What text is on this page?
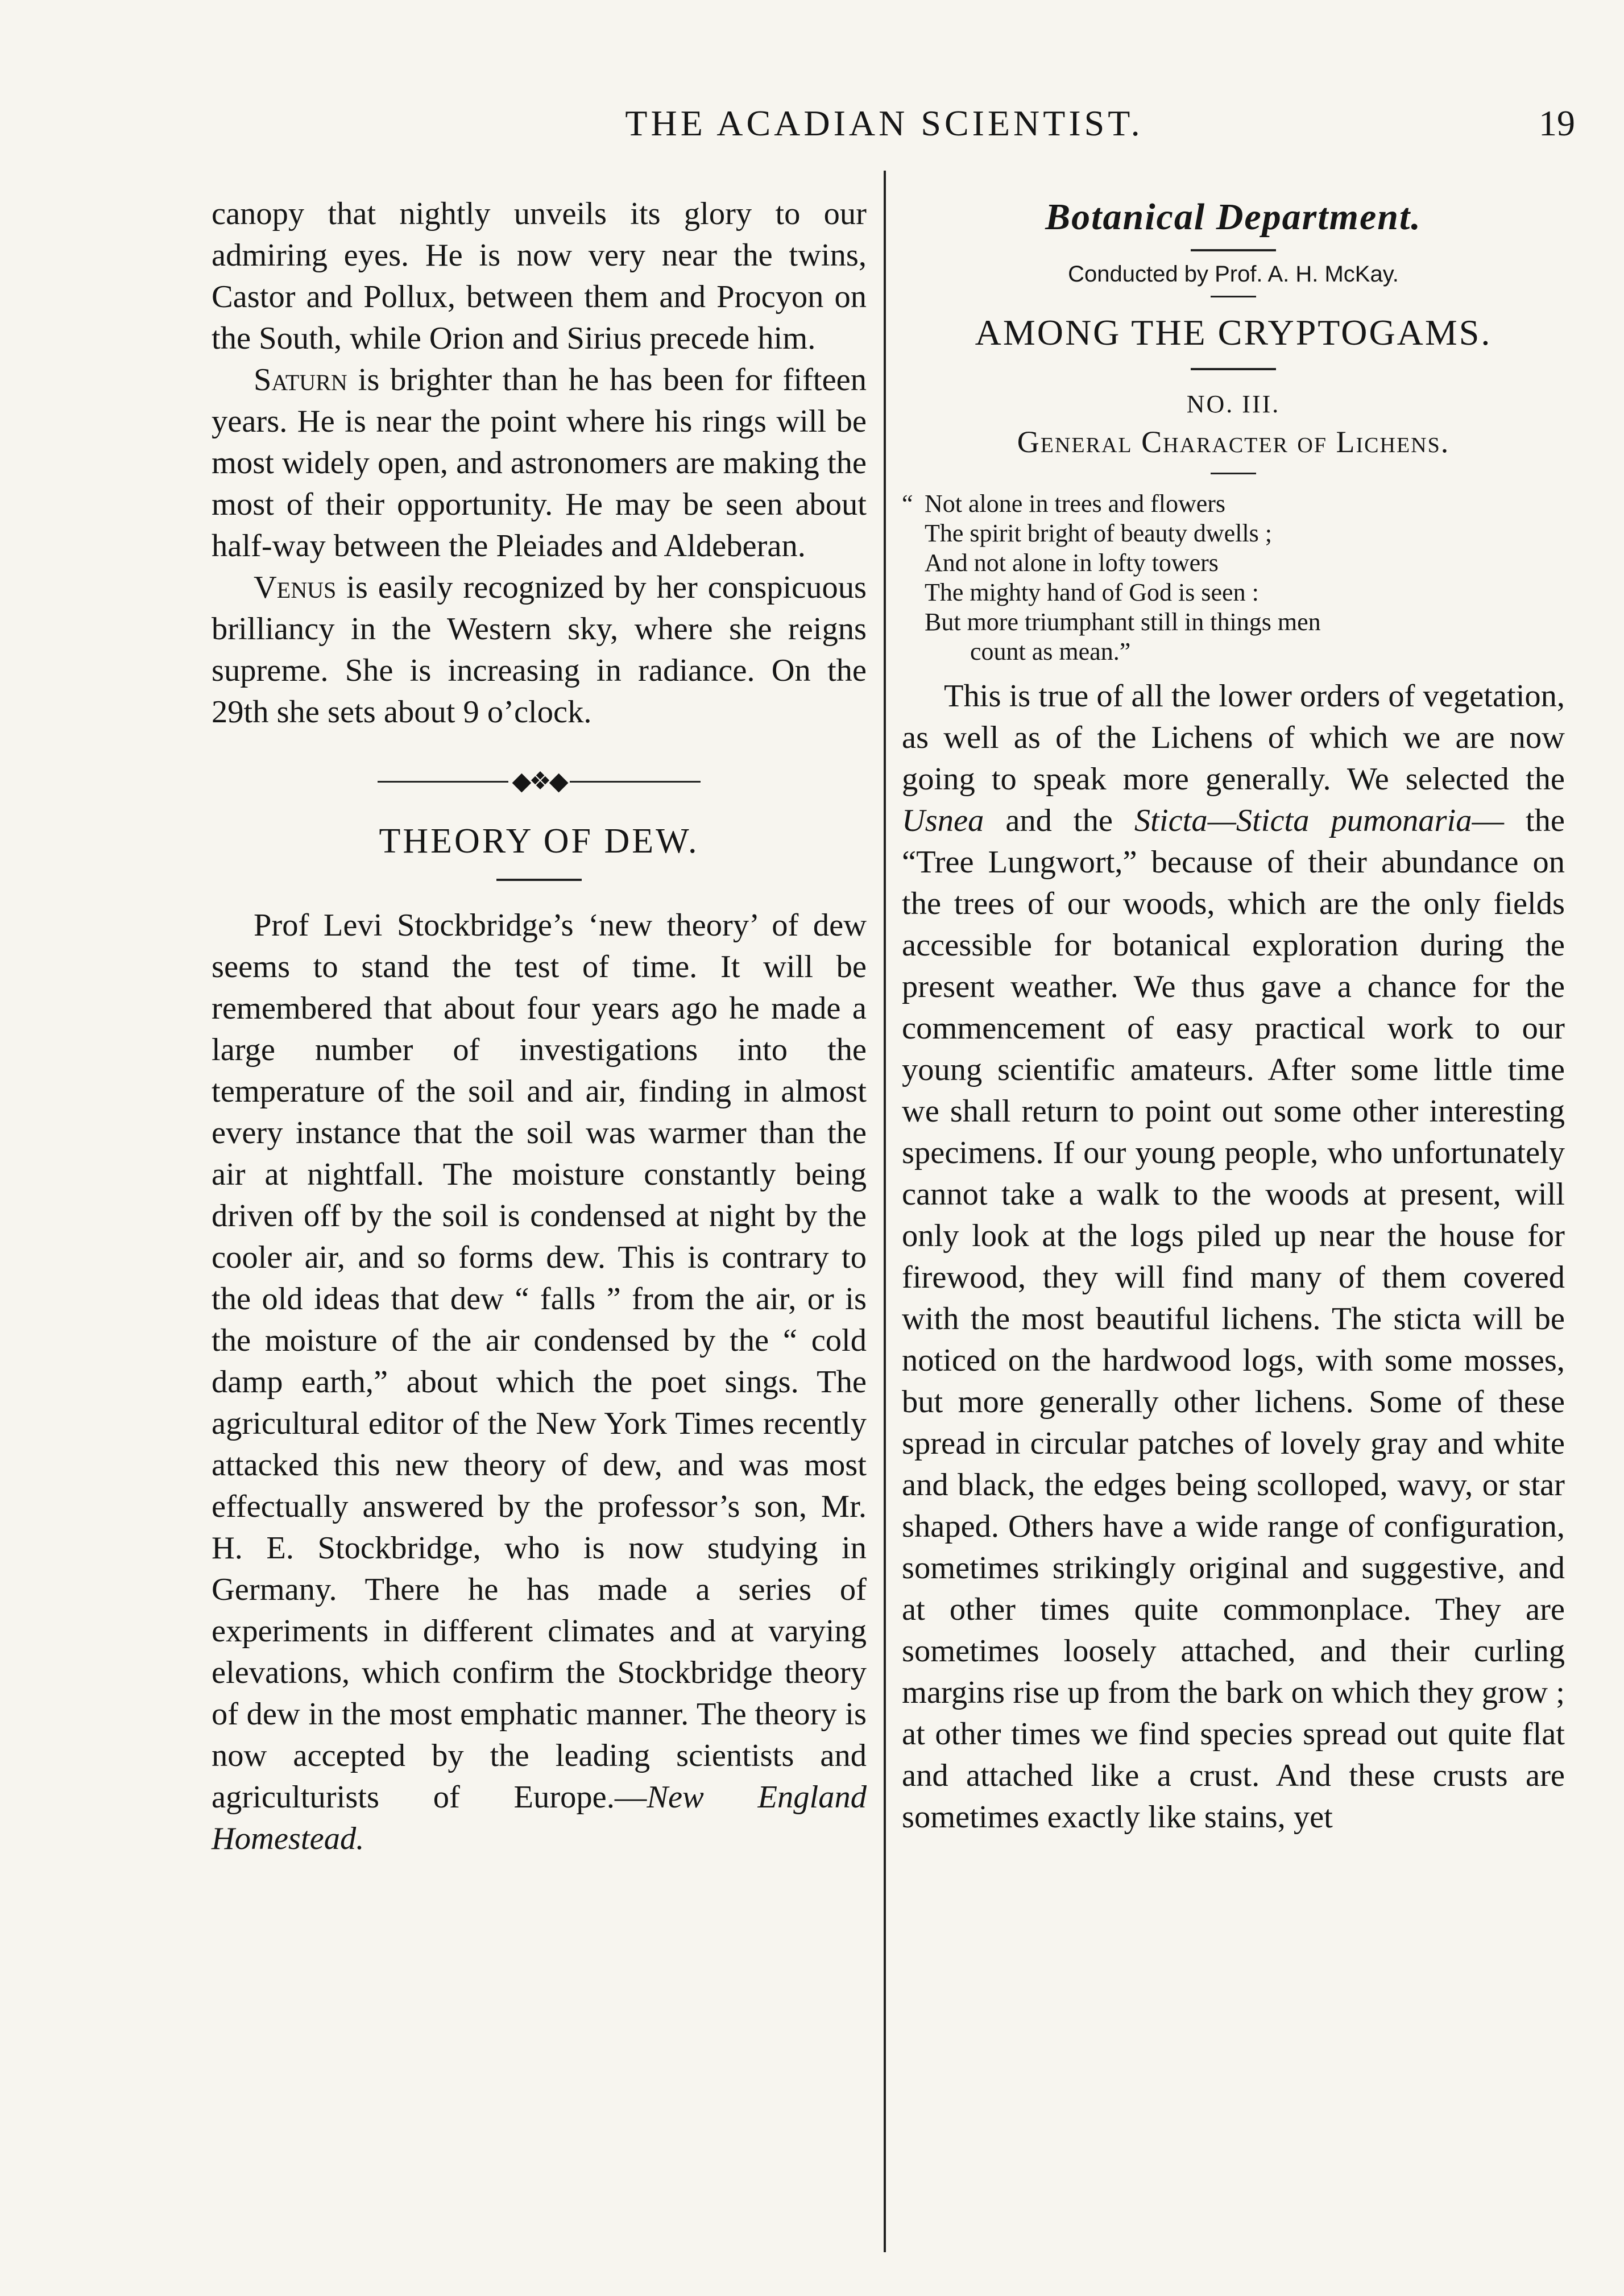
THE ACADIAN SCIENTIST.	19

canopy that nightly unveils its glory to our admiring eyes. He is now very near the twins, Castor and Pollux, between them and Procyon on the South, while Orion and Sirius precede him.

Saturn is brighter than he has been for fifteen years. He is near the point where his rings will be most widely open, and astronomers are making the most of their opportunity. He may be seen about half-way between the Pleiades and Aldeberan.

Venus is easily recognized by her conspicuous brilliancy in the Western sky, where she reigns supreme. She is increasing in radiance. On the 29th she sets about 9 o’clock.

◆❖◆
THEORY OF DEW.

Prof Levi Stockbridge’s ‘new theory’ of dew seems to stand the test of time. It will be remembered that about four years ago he made a large number of investigations into the temperature of the soil and air, finding in almost every instance that the soil was warmer than the air at nightfall. The moisture constantly being driven off by the soil is condensed at night by the cooler air, and so forms dew. This is contrary to the old ideas that dew “ falls ” from the air, or is the moisture of the air condensed by the “ cold damp earth,” about which the poet sings. The agricultural editor of the New York Times recently attacked this new theory of dew, and was most effectually answered by the professor’s son, Mr. H. E. Stockbridge, who is now studying in Germany. There he has made a series of experiments in different climates and at varying elevations, which confirm the Stockbridge theory of dew in the most emphatic manner. The theory is now accepted by the leading scientists and agriculturists of Europe.—New England Homestead.

Botanical Department.
Conducted by Prof. A. H. McKay.
AMONG THE CRYPTOGAMS.
NO. III.
General Character of Lichens.
“ Not alone in trees and flowers
The spirit bright of beauty dwells ;
And not alone in lofty towers
The mighty hand of God is seen :
But more triumphant still in things men
count as mean.”

This is true of all the lower orders of vegetation, as well as of the Lichens of which we are now going to speak more generally. We selected the Usnea and the Sticta—Sticta pumonaria— the “Tree Lungwort,” because of their abundance on the trees of our woods, which are the only fields accessible for botanical exploration during the present weather. We thus gave a chance for the commencement of easy practical work to our young scientific amateurs. After some little time we shall return to point out some other interesting specimens. If our young people, who unfortunately cannot take a walk to the woods at present, will only look at the logs piled up near the house for firewood, they will find many of them covered with the most beautiful lichens. The sticta will be noticed on the hardwood logs, with some mosses, but more generally other lichens. Some of these spread in circular patches of lovely gray and white and black, the edges being scolloped, wavy, or star shaped. Others have a wide range of configuration, sometimes strikingly original and suggestive, and at other times quite commonplace. They are sometimes loosely attached, and their curling margins rise up from the bark on which they grow ; at other times we find species spread out quite flat and attached like a crust. And these crusts are sometimes exactly like stains, yet
